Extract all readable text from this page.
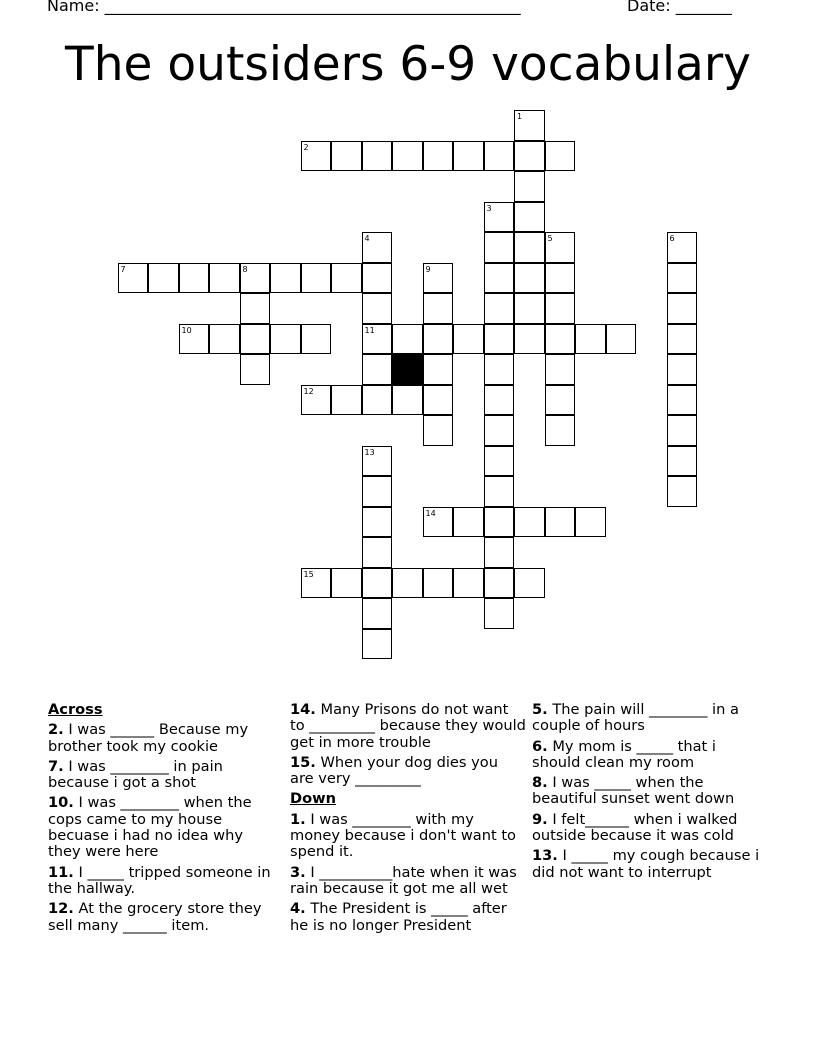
Name: ____________________________________________________	Date: _______
The outsiders 6-9 vocabulary
1
2
3
4
11
5	6
7	8	9
10
12
13
14
15
Across
2. I was ______ Because my brother took my cookie
7. I was ________ in pain because i got a shot
10. I was ________ when the cops came to my house becuase i had no idea why they were here
11. I _____ tripped someone in the hallway.
12. At the grocery store they sell many ______ item.
14. Many Prisons do not want to _________ because they would get in more trouble
15. When your dog dies you are very _________
Down
1. I was ________ with my money because i don't want to spend it.
3. I __________hate when it was rain because it got me all wet
4. The President is _____ after he is no longer President
5. The pain will ________ in a couple of hours
6. My mom is _____ that i should clean my room
8. I was _____ when the beautiful sunset went down
9. I felt______ when i walked outside because it was cold
13. I _____ my cough because i did not want to interrupt
